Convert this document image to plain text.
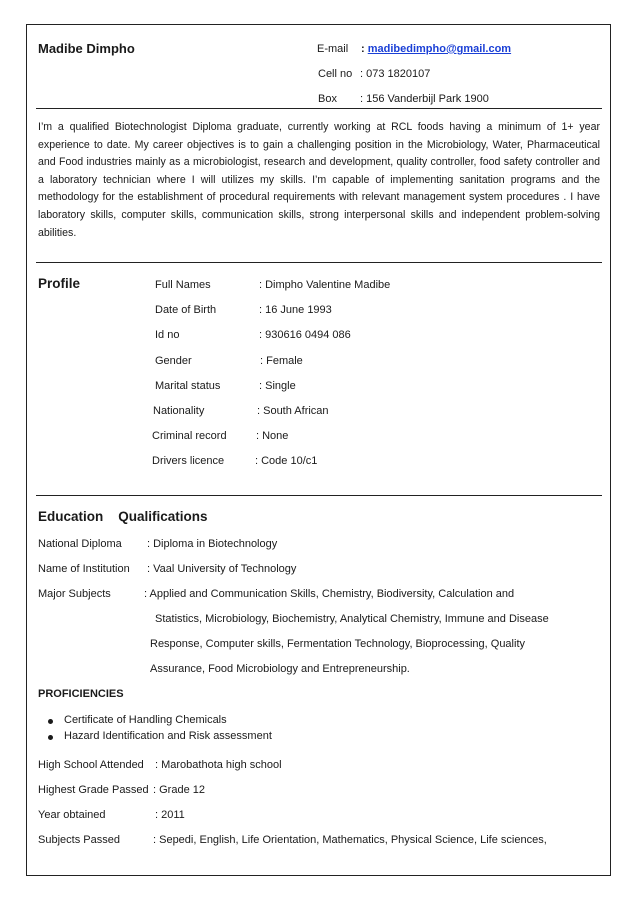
Madibe Dimpho	E-mail : madibedimpho@gmail.com
Cell no : 073 1820107
Box : 156 Vanderbijl Park 1900
I’m a qualified Biotechnologist Diploma graduate, currently working at RCL foods having a minimum of 1+ year experience to date. My career objectives is to gain a challenging position in the Microbiology, Water, Pharmaceutical and Food industries mainly as a microbiologist, research and development, quality controller, food safety controller and a laboratory technician where I will utilizes my skills. I’m capable of implementing sanitation programs and the methodology for the establishment of procedural requirements with relevant management system procedures . I have laboratory skills, computer skills, communication skills, strong interpersonal skills and independent problem-solving abilities.
Profile	Full Names	: Dimpho Valentine Madibe
Date of Birth	: 16 June 1993
Id no	: 930616 0494 086
Gender	: Female
Marital status	: Single
Nationality	: South African
Criminal record	: None
Drivers licence	: Code 10/c1
Education    Qualifications
National Diploma : Diploma in Biotechnology
Name of Institution : Vaal University of Technology
Major Subjects	: Applied and Communication Skills, Chemistry, Biodiversity, Calculation and
Statistics, Microbiology, Biochemistry, Analytical Chemistry, Immune and Disease
Response, Computer skills, Fermentation Technology, Bioprocessing, Quality
Assurance, Food Microbiology and Entrepreneurship.
PROFICIENCIES
Certificate of Handling Chemicals
Hazard Identification and Risk assessment
High School Attended : Marobathota high school
Highest Grade Passed : Grade 12
Year obtained	: 2011
Subjects Passed	: Sepedi, English, Life Orientation, Mathematics, Physical Science, Life sciences,
